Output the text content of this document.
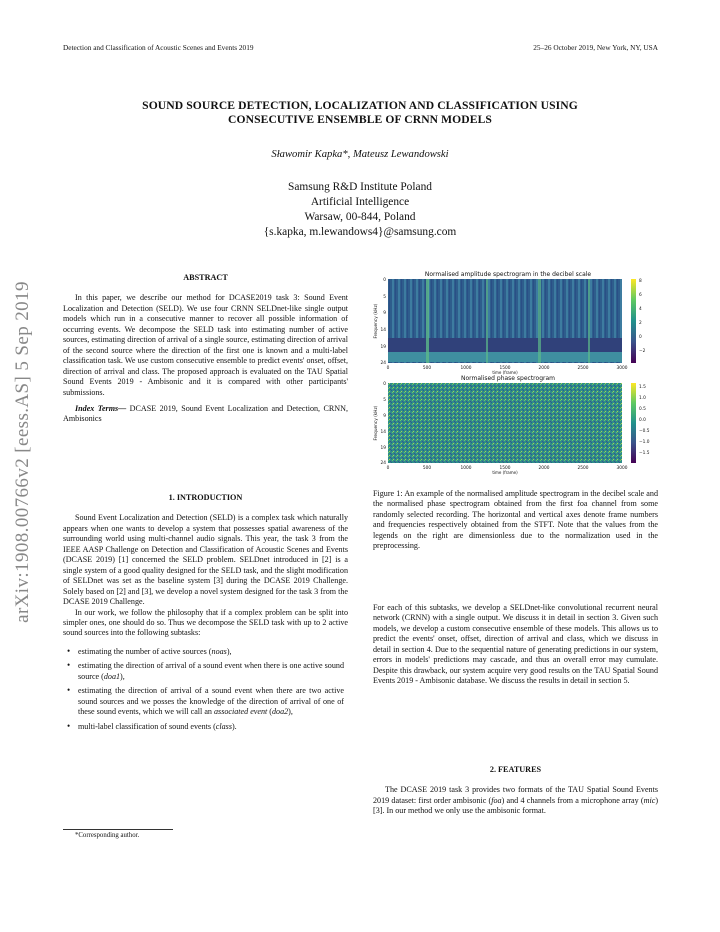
Detection and Classification of Acoustic Scenes and Events 2019	25–26 October 2019, New York, NY, USA
SOUND SOURCE DETECTION, LOCALIZATION AND CLASSIFICATION USING
CONSECUTIVE ENSEMBLE OF CRNN MODELS
Sławomir Kapka*, Mateusz Lewandowski
Samsung R&D Institute Poland
Artificial Intelligence
Warsaw, 00-844, Poland
{s.kapka, m.lewandows4}@samsung.com
arXiv:1908.00766v2 [eess.AS] 5 Sep 2019
ABSTRACT

In this paper, we describe our method for DCASE2019 task 3: Sound Event Localization and Detection (SELD). We use four CRNN SELDnet-like single output models which run in a consecutive manner to recover all possible information of occurring events. We decompose the SELD task into estimating number of active sources, estimating direction of arrival of a single source, estimating direction of arrival of the second source where the direction of the first one is known and a multi-label classification task. We use custom consecutive ensemble to predict events' onset, offset, direction of arrival and class. The proposed approach is evaluated on the TAU Spatial Sound Events 2019 - Ambisonic and it is compared with other participants' submissions.

Index Terms— DCASE 2019, Sound Event Localization and Detection, CRNN, Ambisonics

1. INTRODUCTION

Sound Event Localization and Detection (SELD) is a complex task which naturally appears when one wants to develop a system that possesses spatial awareness of the surrounding world using multi-channel audio signals. This year, the task 3 from the IEEE AASP Challenge on Detection and Classification of Acoustic Scenes and Events (DCASE 2019) [1] concerned the SELD problem. SELDnet introduced in [2] is a single system of a good quality designed for the SELD task, and the slight modification of SELDnet was set as the baseline system [3] during the DCASE 2019 Challenge. Solely based on [2] and [3], we develop a novel system designed for the task 3 from the DCASE 2019 Challenge.

In our work, we follow the philosophy that if a complex problem can be split into simpler ones, one should do so. Thus we decompose the SELD task with up to 2 active sound sources into the following subtasks:

• estimating the number of active sources (noas),
• estimating the direction of arrival of a sound event when there is one active sound source (doa1),
• estimating the direction of arrival of a sound event when there are two active sound sources and we posses the knowledge of the direction of arrival of one of these sound events, which we will call an associated event (doa2),
• multi-label classification of sound events (class).
*Corresponding author.
Normalised amplitude spectrogram in the decibel scale
8
6
4
2
0
−2
0
5
9
14
19
24
Frequency (kHz)
0	500	1000	1500	2000	2500	3000
time (frame)
Normalised phase spectrogram
1.5
1.0
0.5
0.0
−0.5
−1.0
−1.5
0
5
9
14
19
24
Frequency (kHz)
0	500	1000	1500	2000	2500	3000
time (frame)
Figure 1: An example of the normalised amplitude spectrogram in the decibel scale and the normalised phase spectrogram obtained from the first foa channel from some randomly selected recording. The horizontal and vertical axes denote frame numbers and frequencies respectively obtained from the STFT. Note that the values from the legends on the right are dimensionless due to the normalization used in the preprocessing.

For each of this subtasks, we develop a SELDnet-like convolutional recurrent neural network (CRNN) with a single output. We discuss it in detail in section 3. Given such models, we develop a custom consecutive ensemble of these models. This allows us to predict the events' onset, offset, direction of arrival and class, which we discuss in detail in section 4. Due to the sequential nature of generating predictions in our system, errors in models' predictions may cascade, and thus an overall error may cumulate. Despite this drawback, our system acquire very good results on the TAU Spatial Sound Events 2019 - Ambisonic database. We discuss the results in detail in section 5.

2. FEATURES

The DCASE 2019 task 3 provides two formats of the TAU Spatial Sound Events 2019 dataset: first order ambisonic (foa) and 4 channels from a microphone array (mic) [3]. In our method we only use the ambisonic format.
